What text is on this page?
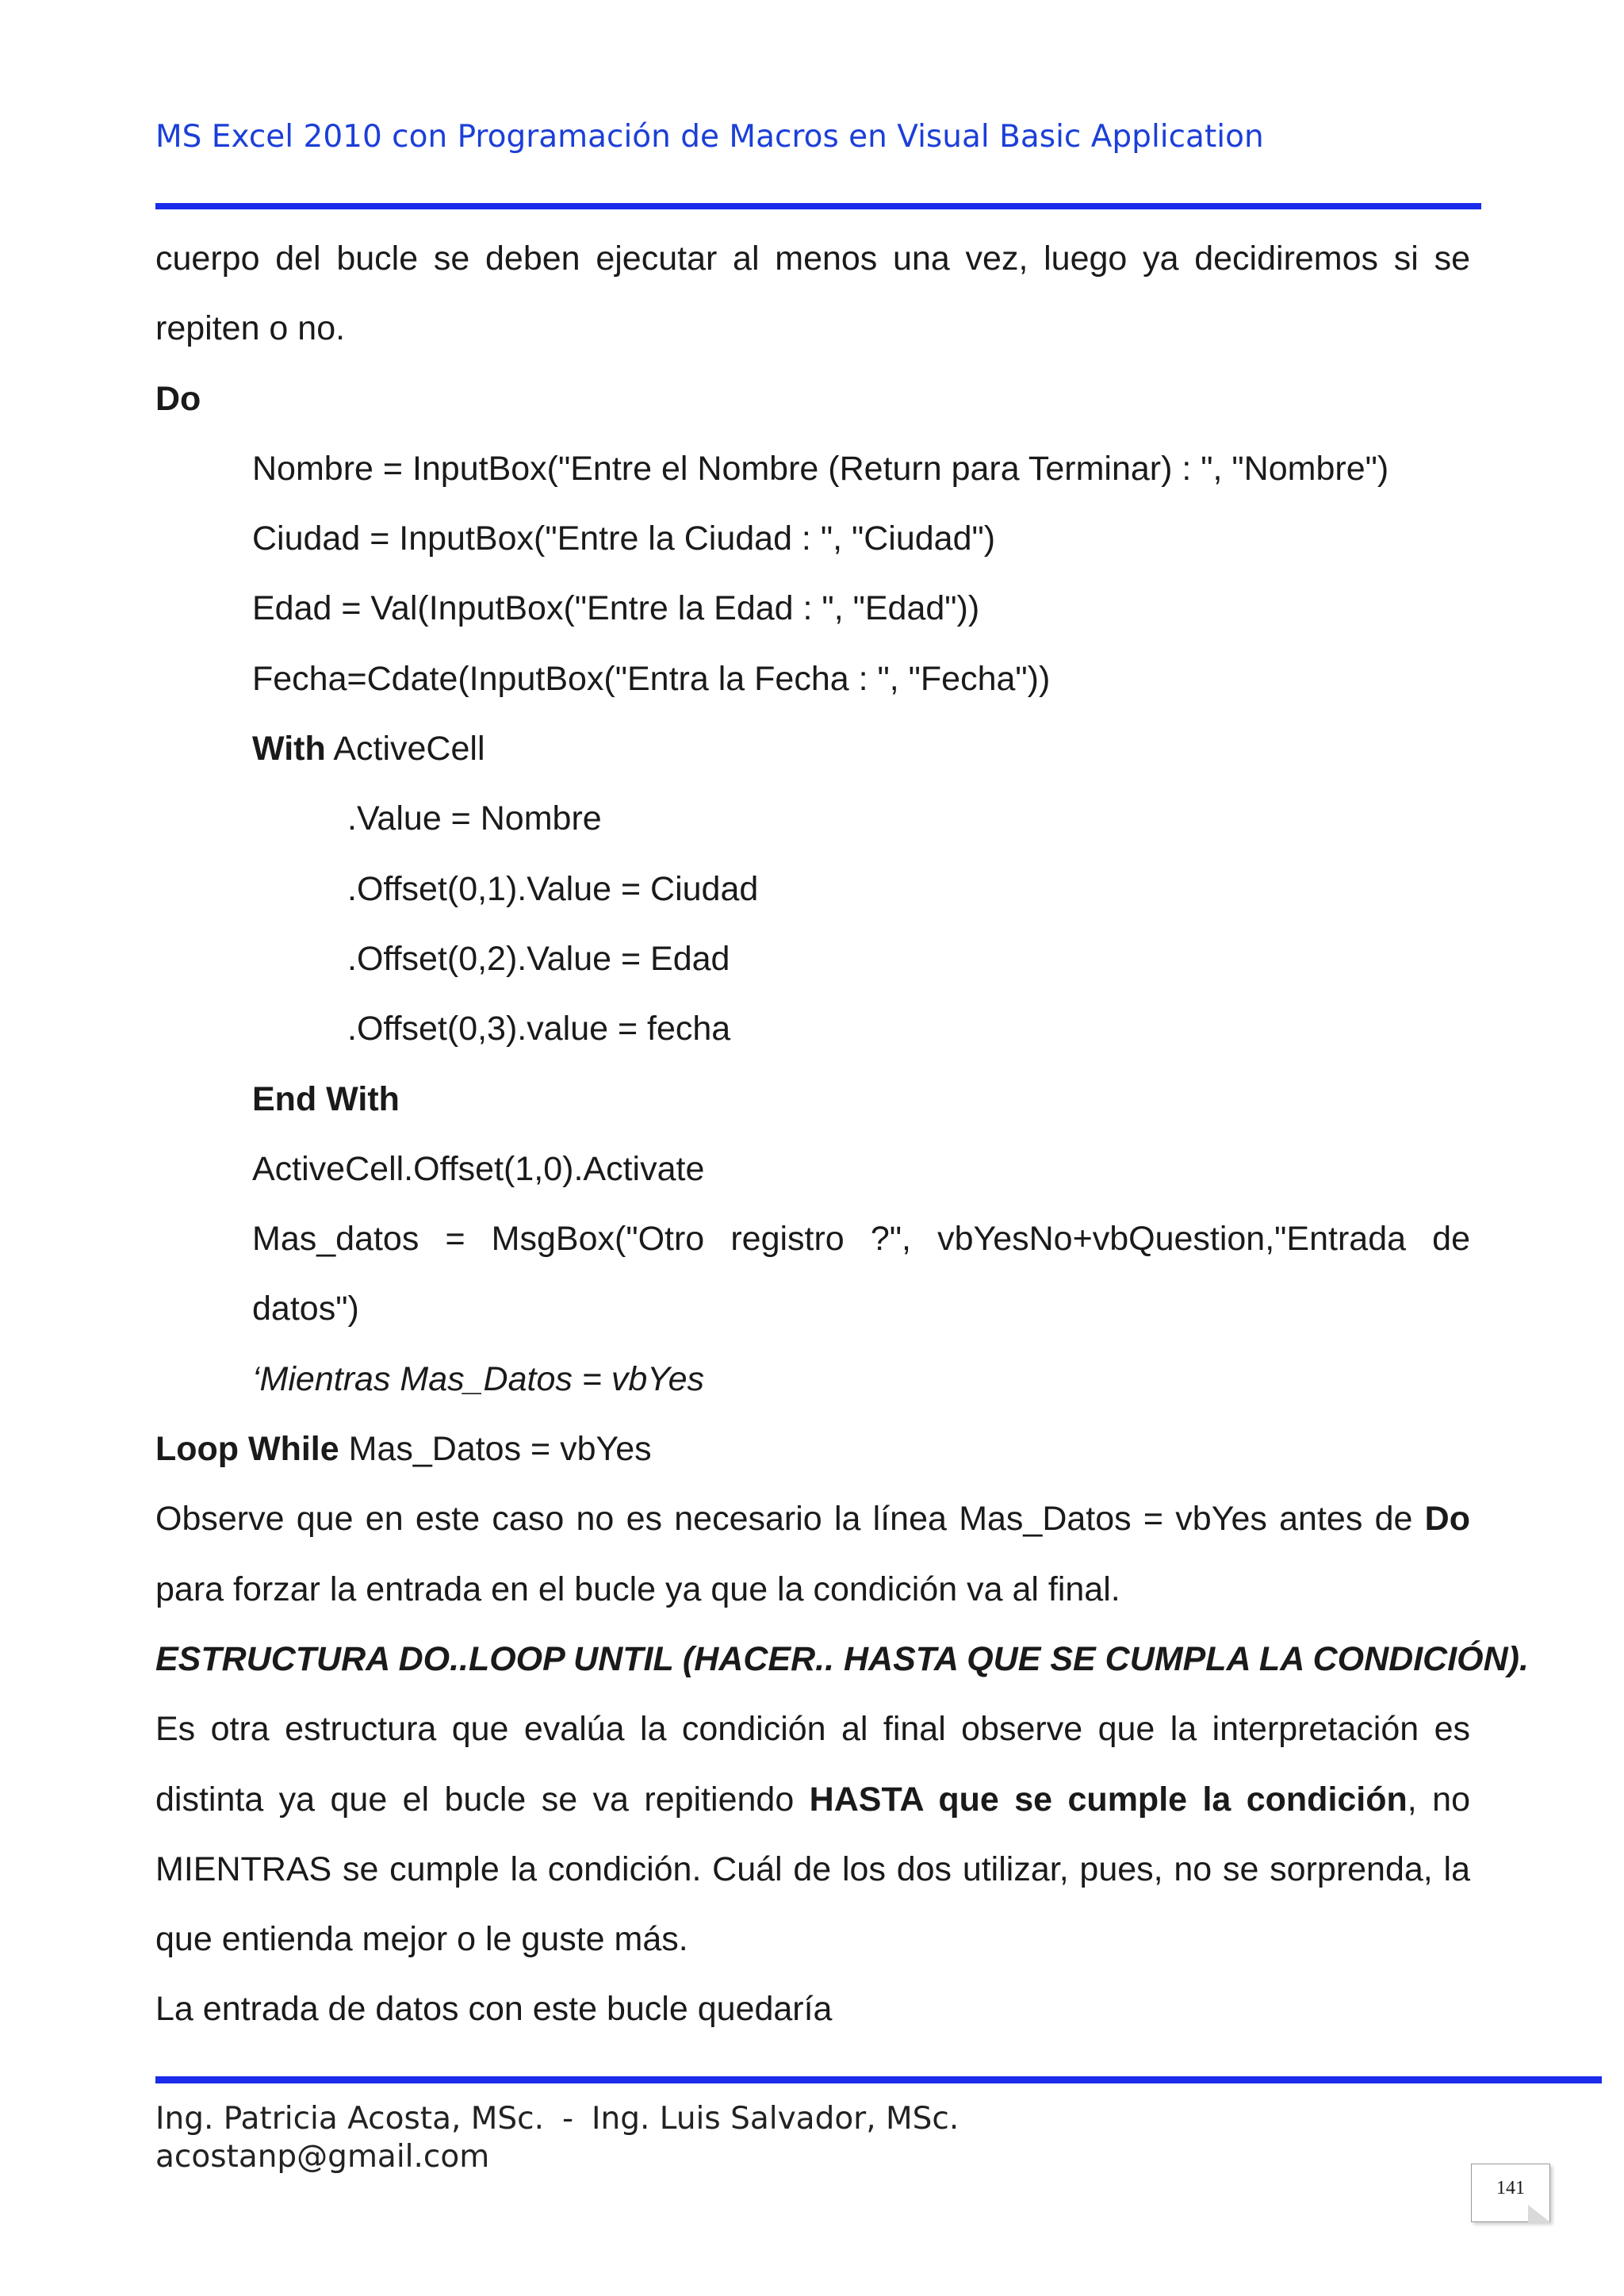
MS Excel 2010 con Programación de Macros en Visual Basic Application
cuerpo del bucle se deben ejecutar al menos una vez, luego ya decidiremos si se
repiten o no.
Do
Nombre = InputBox("Entre el Nombre (Return para Terminar) : ", "Nombre")
Ciudad = InputBox("Entre la Ciudad : ", "Ciudad")
Edad = Val(InputBox("Entre la Edad : ", "Edad"))
Fecha=Cdate(InputBox("Entra la Fecha : ", "Fecha"))
With ActiveCell
.Value = Nombre
.Offset(0,1).Value = Ciudad
.Offset(0,2).Value = Edad
.Offset(0,3).value = fecha
End With
ActiveCell.Offset(1,0).Activate
Mas_datos = MsgBox("Otro registro ?", vbYesNo+vbQuestion,"Entrada de
datos")
‘Mientras Mas_Datos = vbYes
Loop While Mas_Datos = vbYes
Observe que en este caso no es necesario la línea Mas_Datos = vbYes antes de Do
para forzar la entrada en el bucle ya que la condición va al final.
ESTRUCTURA DO..LOOP UNTIL (HACER.. HASTA QUE SE CUMPLA LA CONDICIÓN).
Es otra estructura que evalúa la condición al final observe que la interpretación es
distinta ya que el bucle se va repitiendo HASTA que se cumple la condición, no
MIENTRAS se cumple la condición. Cuál de los dos utilizar, pues, no se sorprenda, la
que entienda mejor o le guste más.
La entrada de datos con este bucle quedaría
Ing. Patricia Acosta, MSc. - Ing. Luis Salvador, MSc.
acostanp@gmail.com
141
